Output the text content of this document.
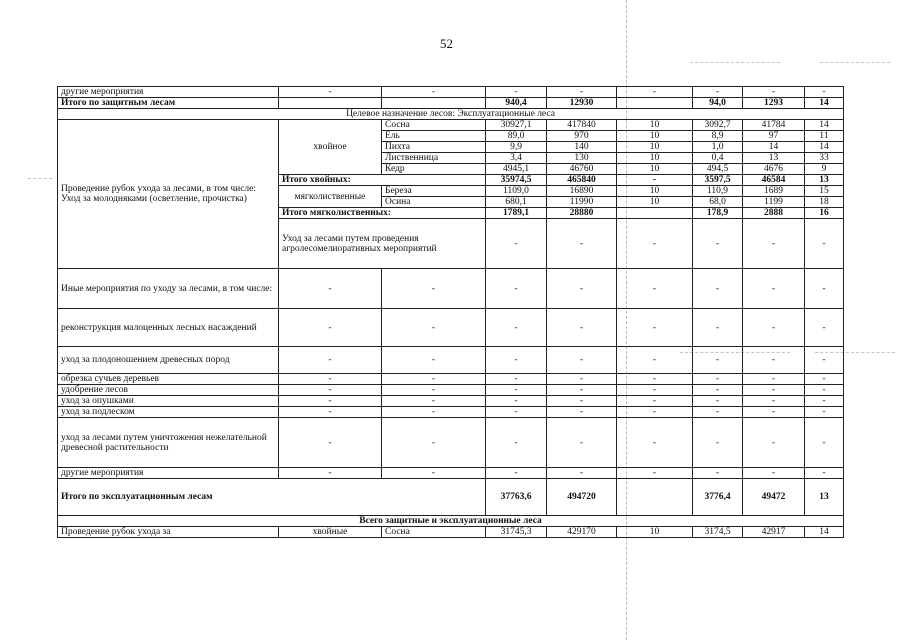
52
другие мероприятия	-	-	-	-	-	-	-	-	
Итого по защитным лесам			940,4	12930		94,0	1293	14	
Целевое назначение лесов: Эксплуатационные леса									
Проведение рубок ухода за лесами, в том числе: Уход за молодняками (осветление, прочистка)	хвойное	Сосна	30927,1	417840	10	3092,7	41784	14	
		Ель	89,0	970	10	8,9	97	11	
		Пихта	9,9	140	10	1,0	14	14	
		Лиственница	3,4	130	10	0,4	13	33	
		Кедр	4945,1	46760	10	494,5	4676	9	
	Итого хвойных:		35974,5	465840	-	3597,5	46584	13	
	мягколиственные	Береза	1109,0	16890	10	110,9	1689	15	
		Осина	680,1	11990	10	68,0	1199	18	
	Итого мягколиственных:		1789,1	28880		178,9	2888	16	
	Уход за лесами путем проведения агролесомелиоративных мероприятий		-	-	-	-	-	-		
Иные мероприятия по уходу за лесами, в том числе:	-	-	-	-	-	-	-	-	
реконструкция малоценных лесных насаждений	-	-	-	-	-	-	-	-	
уход за плодоношением древесных пород	-	-	-	-	-	-	-	-	
обрезка сучьев деревьев	-	-	-	-	-	-	-	-	
удобрение лесов	-	-	-	-	-	-	-	-	
уход за опушками	-	-	-	-	-	-	-	-	
уход за подлеском	-	-	-	-	-	-	-	-	
уход за лесами путем уничтожения нежелательной древесной растительности	-	-	-	-	-	-	-	-	
другие мероприятия	-	-	-	-	-	-	-	-	
Итого по эксплуатационным лесам			37763,6	494720		3776,4	49472	13	
Всего защитные и эксплуатационные леса									
Проведение рубок ухода за	хвойные	Сосна	31745,3	429170	10	3174,5	42917	14	
